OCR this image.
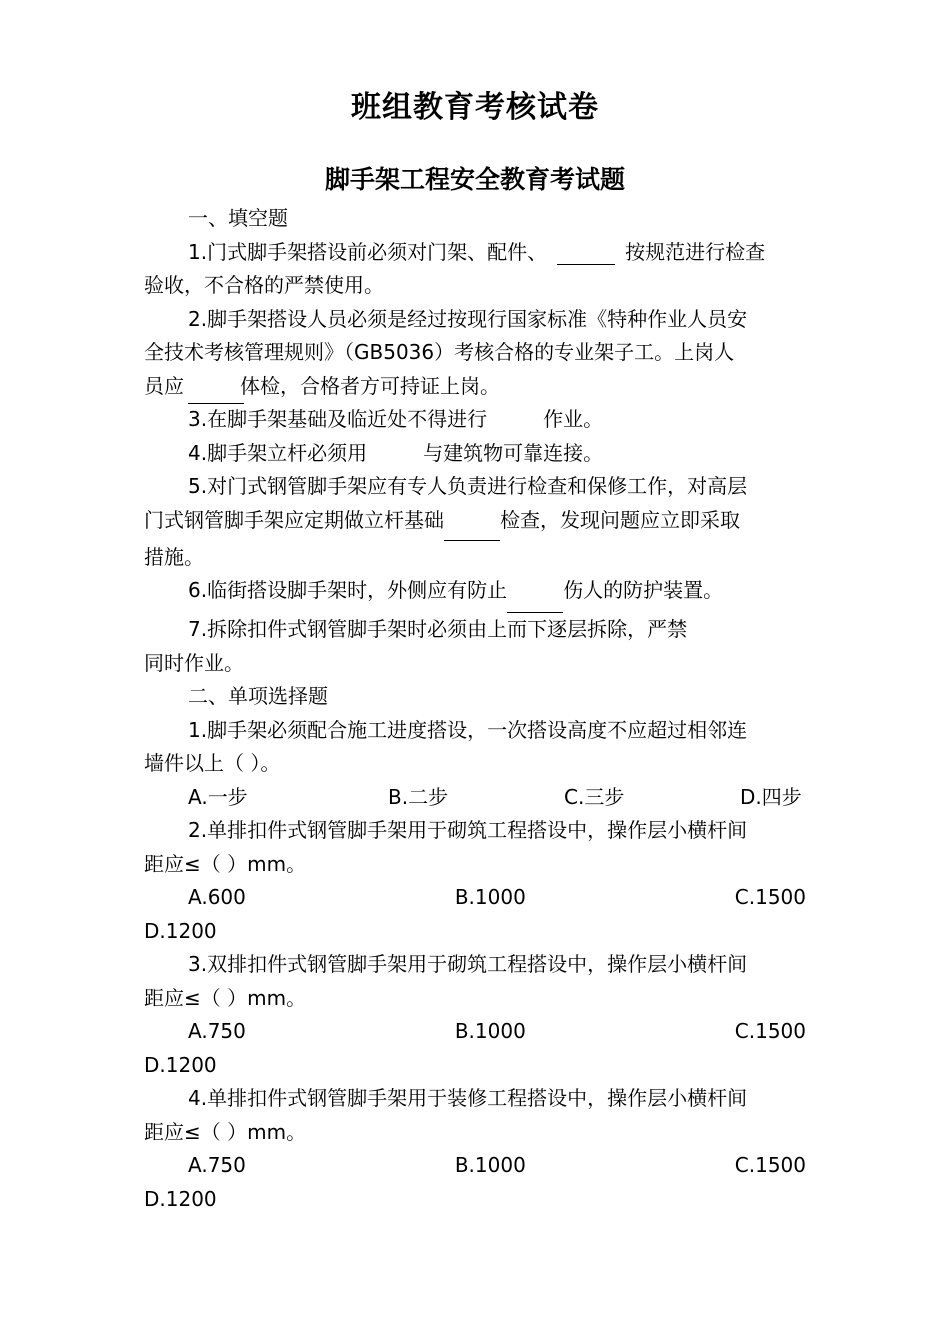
班组教育考核试卷
脚手架工程安全教育考试题
一、填空题
1.门式脚手架搭设前必须对门架、配件、	按规范进行检查
验收，不合格的严禁使用。
2.脚手架搭设人员必须是经过按现行国家标准《特种作业人员安
全技术考核管理规则》（GB5036）考核合格的专业架子工。上岗人
员应	体检，合格者方可持证上岗。
3.在脚手架基础及临近处不得进行	作业。
4.脚手架立杆必须用	与建筑物可靠连接。
5.对门式钢管脚手架应有专人负责进行检查和保修工作，对高层
门式钢管脚手架应定期做立杆基础	检查，发现问题应立即采取
措施。
6.临街搭设脚手架时，外侧应有防止	伤人的防护装置。
7.拆除扣件式钢管脚手架时必须由上而下逐层拆除，严禁
同时作业。
二、单项选择题
1.脚手架必须配合施工进度搭设，一次搭设高度不应超过相邻连
墙件以上（ ）。
A.一步	B.二步	C.三步	D.四步
2.单排扣件式钢管脚手架用于砌筑工程搭设中，操作层小横杆间
距应≤（ ）mm。
A.600	B.1000	C.1500
D.1200
3.双排扣件式钢管脚手架用于砌筑工程搭设中，操作层小横杆间
距应≤（ ）mm。
A.750	B.1000	C.1500
D.1200
4.单排扣件式钢管脚手架用于装修工程搭设中，操作层小横杆间
距应≤（ ）mm。
A.750	B.1000	C.1500
D.1200
